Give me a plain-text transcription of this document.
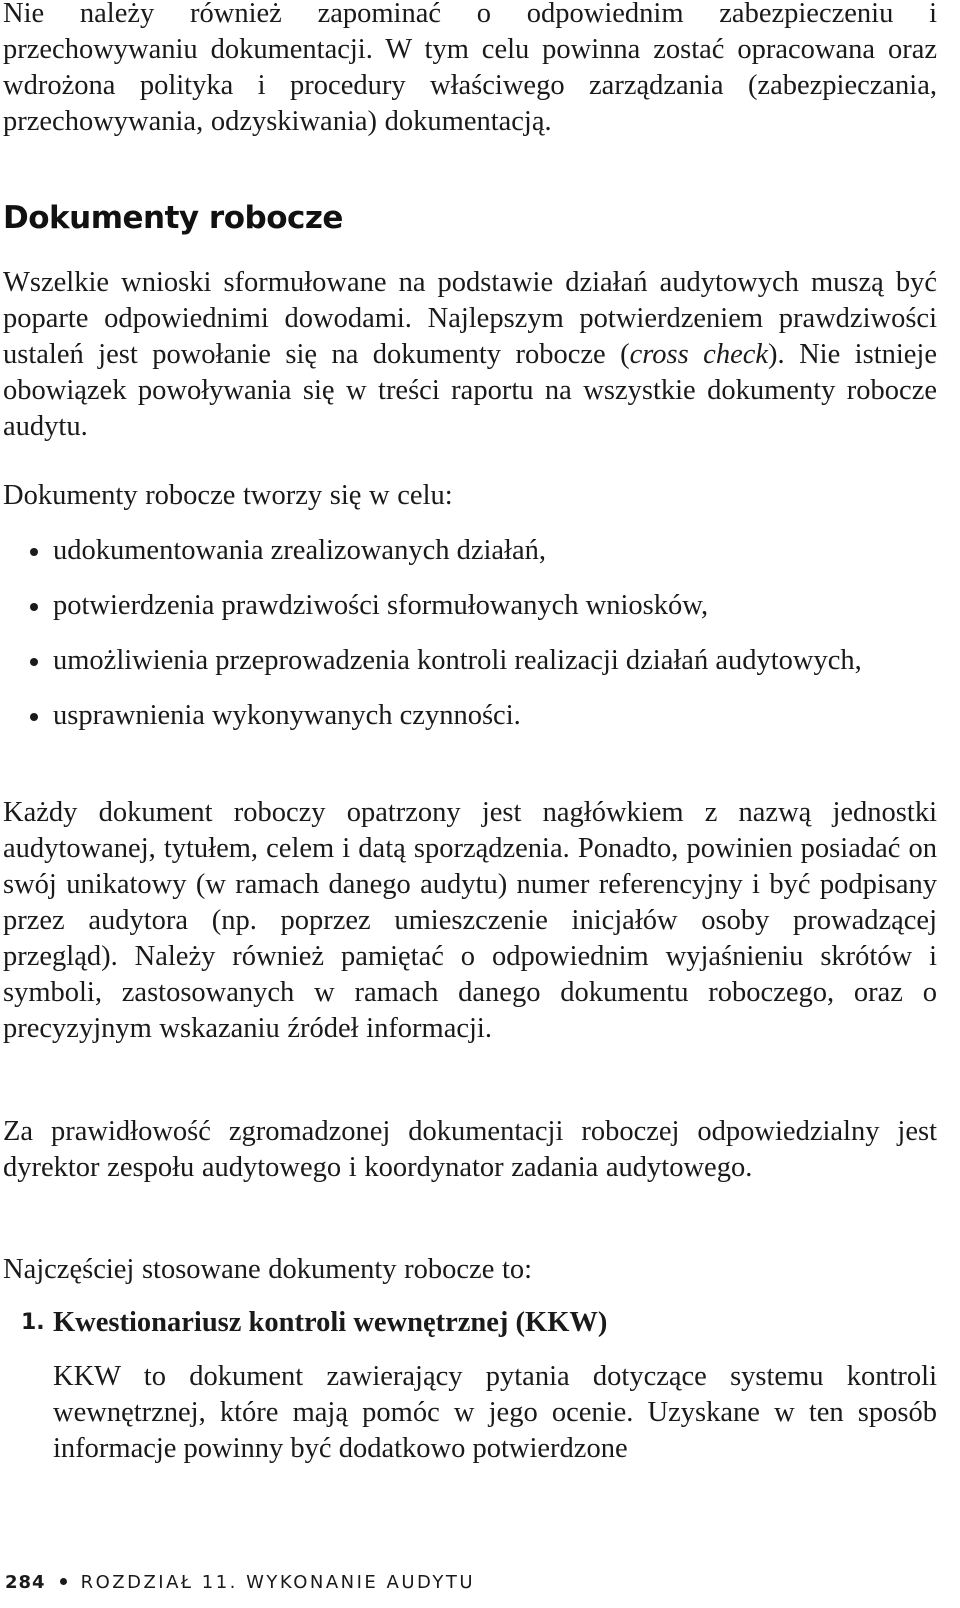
Nie należy również zapominać o odpowiednim zabezpieczeniu i przechowywaniu dokumentacji. W tym celu powinna zostać opracowana oraz wdrożona polityka i procedury właściwego zarządzania (zabezpieczania, przechowywania, odzyskiwania) dokumentacją.

Dokumenty robocze

Wszelkie wnioski sformułowane na podstawie działań audytowych muszą być poparte odpowiednimi dowodami. Najlepszym potwierdzeniem prawdziwości ustaleń jest powołanie się na dokumenty robocze (cross check). Nie istnieje obowiązek powoływania się w treści raportu na wszystkie dokumenty robocze audytu.

Dokumenty robocze tworzy się w celu:

udokumentowania zrealizowanych działań,
potwierdzenia prawdziwości sformułowanych wniosków,
umożliwienia przeprowadzenia kontroli realizacji działań audytowych,
usprawnienia wykonywanych czynności.

Każdy dokument roboczy opatrzony jest nagłówkiem z nazwą jednostki audytowanej, tytułem, celem i datą sporządzenia. Ponadto, powinien posiadać on swój unikatowy (w ramach danego audytu) numer referencyjny i być podpisany przez audytora (np. poprzez umieszczenie inicjałów osoby prowadzącej przegląd). Należy również pamiętać o odpowiednim wyjaśnieniu skrótów i symboli, zastosowanych w ramach danego dokumentu roboczego, oraz o precyzyjnym wskazaniu źródeł informacji.

Za prawidłowość zgromadzonej dokumentacji roboczej odpowiedzialny jest dyrektor zespołu audytowego i koordynator zadania audytowego.

Najczęściej stosowane dokumenty robocze to:

1. Kwestionariusz kontroli wewnętrznej (KKW)

KKW to dokument zawierający pytania dotyczące systemu kontroli wewnętrznej, które mają pomóc w jego ocenie. Uzyskane w ten sposób informacje powinny być dodatkowo potwierdzone

284 ROZDZIAŁ 11. WYKONANIE AUDYTU
